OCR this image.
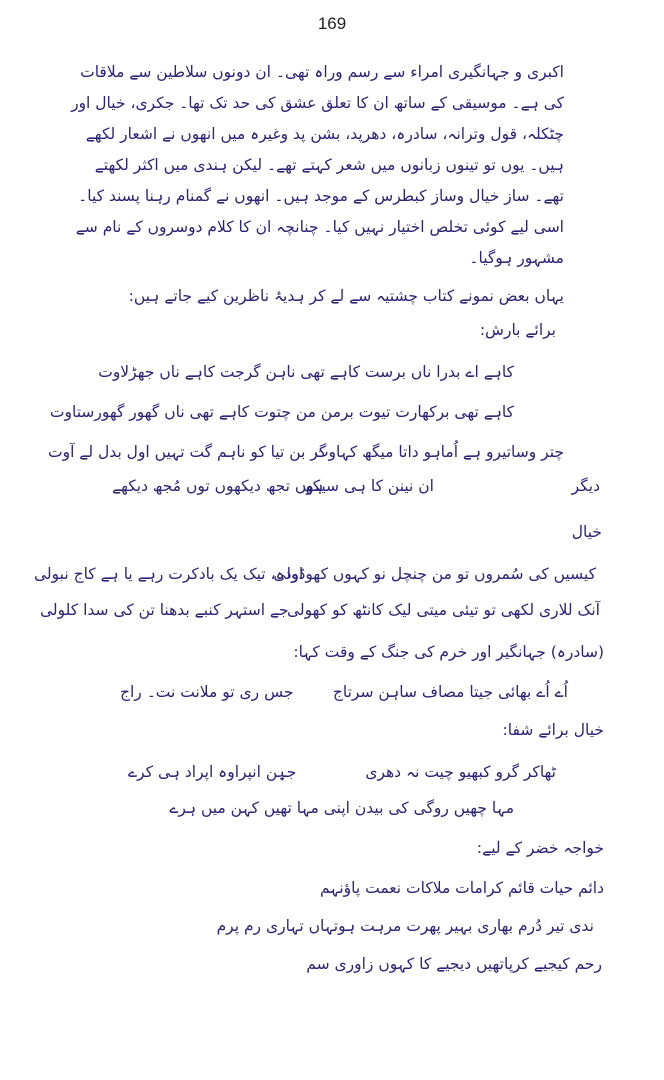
169
اکبری و جہانگیری امراء سے رسم وراہ تھی۔ ان دونوں سلاطین سے ملاقات
کی ہے۔ موسیقی کے ساتھ ان کا تعلق عشق کی حد تک تھا۔ جکری، خیال اور
چٹکلہ، قول وترانہ، سادرہ، دھرپد، بشن پد وغیرہ میں انھوں نے اشعار لکھے
ہیں۔ یوں تو تینوں زبانوں میں شعر کہتے تھے۔ لیکن ہندی میں اکثر لکھتے
تھے۔ ساز خیال وساز کبطرس کے موجد ہیں۔ انھوں نے گمنام رہنا پسند کیا۔
اسی لیے کوئی تخلص اختیار نہیں کیا۔ چنانچہ ان کا کلام دوسروں کے نام سے
مشہور ہوگیا۔
یہاں بعض نمونے کتاب چشتیہ سے لے کر ہدیۂ ناظرین کیے جاتے ہیں:
برائے بارش:
کاہے اے بدرا ناں برست کاہے تھی ناہن گرجت کاہے ناں جھڑلاوت
کاہے تھی برکھارت تیوت برمن من چتوت کاہے تھی ناں گھور گھورستاوت
چتر وساتیرو ہے اُماہو داتا میگھ کہاوت
گر بن تیا کو ناہم گت تہیں اول بدل لے آوت
دیگر
ان نینن کا ہی سیکھ
ہوں تجھ دیکھوں توں مُجھ دیکھے
خیال
کیسیں کی سُمروں تو من چنچل نو کہوں کھوڈولی
اودہ، تیک یک بادکرت رہے یا ہے کاج نبولی
آنک للاری لکھی تو تیئی میتی لیک کانٹھ کو کھولی
جے استہر کنبے بدھنا تن کی سدا کلولی
(سادرہ) جہانگیر اور خرم کی جنگ کے وقت کہا:
اُے اُے بھائی جیتا مصاف ساہن سرتاج
جس ری تو ملانت نت۔ راج
خیال برائے شفا:
ٹھاکر گرو کبھیو چیت نہ دھری
جیٖن انپراوہ اپراد ہی کرے
مہا چھیں روگی کی بیدن اپنی مہا تھیں کہن میں ہرے
خواجہ خضر کے لیے:
دائم حیات قائم کرامات ملاکات نعمت پاؤنہم
ندی تیر دُرم بھاری بہیر پھرت مرہت ہوتہاں تہاری رم پرم
رحم کیجیے کرپاتھیں دیجیے کا کہوں زاوری سم
